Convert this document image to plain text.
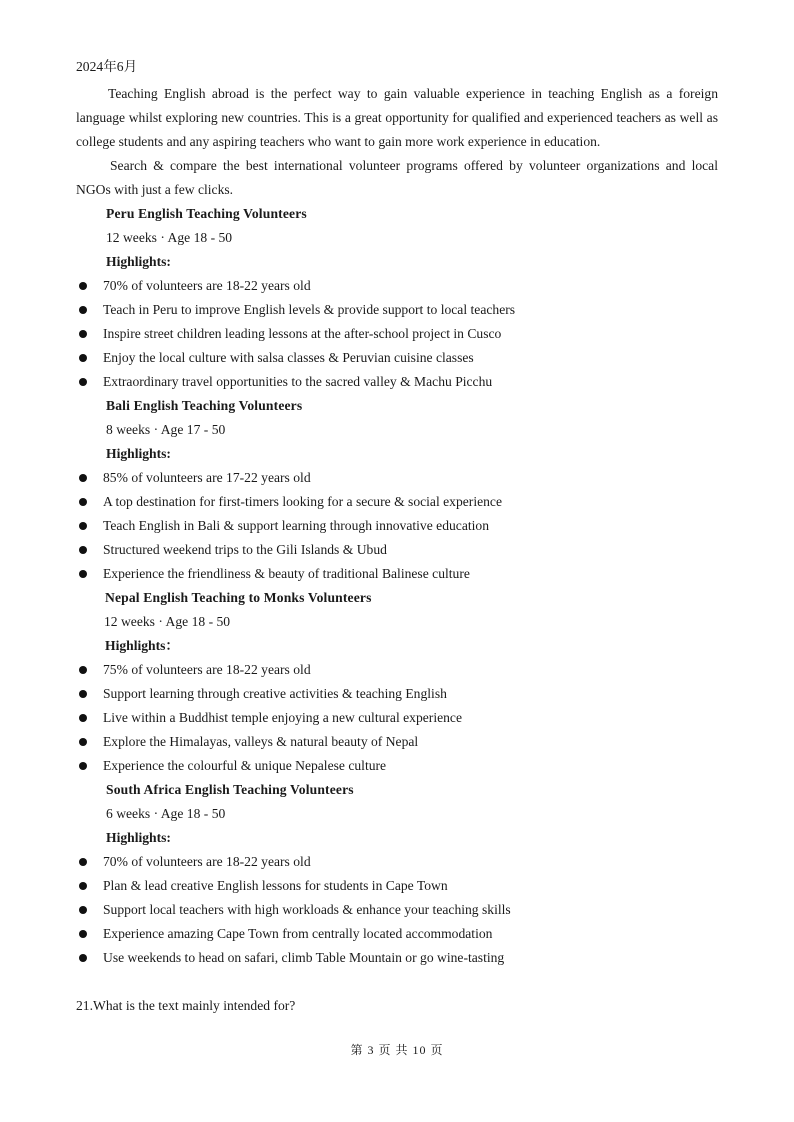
2024年6月

Teaching English abroad is the perfect way to gain valuable experience in teaching English as a foreign language whilst exploring new countries. This is a great opportunity for qualified and experienced teachers as well as college students and any aspiring teachers who want to gain more work experience in education.

Search & compare the best international volunteer programs offered by volunteer organizations and local NGOs with just a few clicks.

Peru English Teaching Volunteers
12 weeks · Age 18 - 50
Highlights:
70% of volunteers are 18-22 years old
Teach in Peru to improve English levels & provide support to local teachers
Inspire street children leading lessons at the after-school project in Cusco
Enjoy the local culture with salsa classes & Peruvian cuisine classes
Extraordinary travel opportunities to the sacred valley & Machu Picchu
Bali English Teaching Volunteers
8 weeks · Age 17 - 50
Highlights:
85% of volunteers are 17-22 years old
A top destination for first-timers looking for a secure & social experience
Teach English in Bali & support learning through innovative education
Structured weekend trips to the Gili Islands & Ubud
Experience the friendliness & beauty of traditional Balinese culture
Nepal English Teaching to Monks Volunteers
12 weeks · Age 18 - 50
Highlights：
75% of volunteers are 18-22 years old
Support learning through creative activities & teaching English
Live within a Buddhist temple enjoying a new cultural experience
Explore the Himalayas, valleys & natural beauty of Nepal
Experience the colourful & unique Nepalese culture
South Africa English Teaching Volunteers
6 weeks · Age 18 - 50
Highlights:
70% of volunteers are 18-22 years old
Plan & lead creative English lessons for students in Cape Town
Support local teachers with high workloads & enhance your teaching skills
Experience amazing Cape Town from centrally located accommodation
Use weekends to head on safari, climb Table Mountain or go wine-tasting
21.What is the text mainly intended for?
第 3 页 共 10 页
